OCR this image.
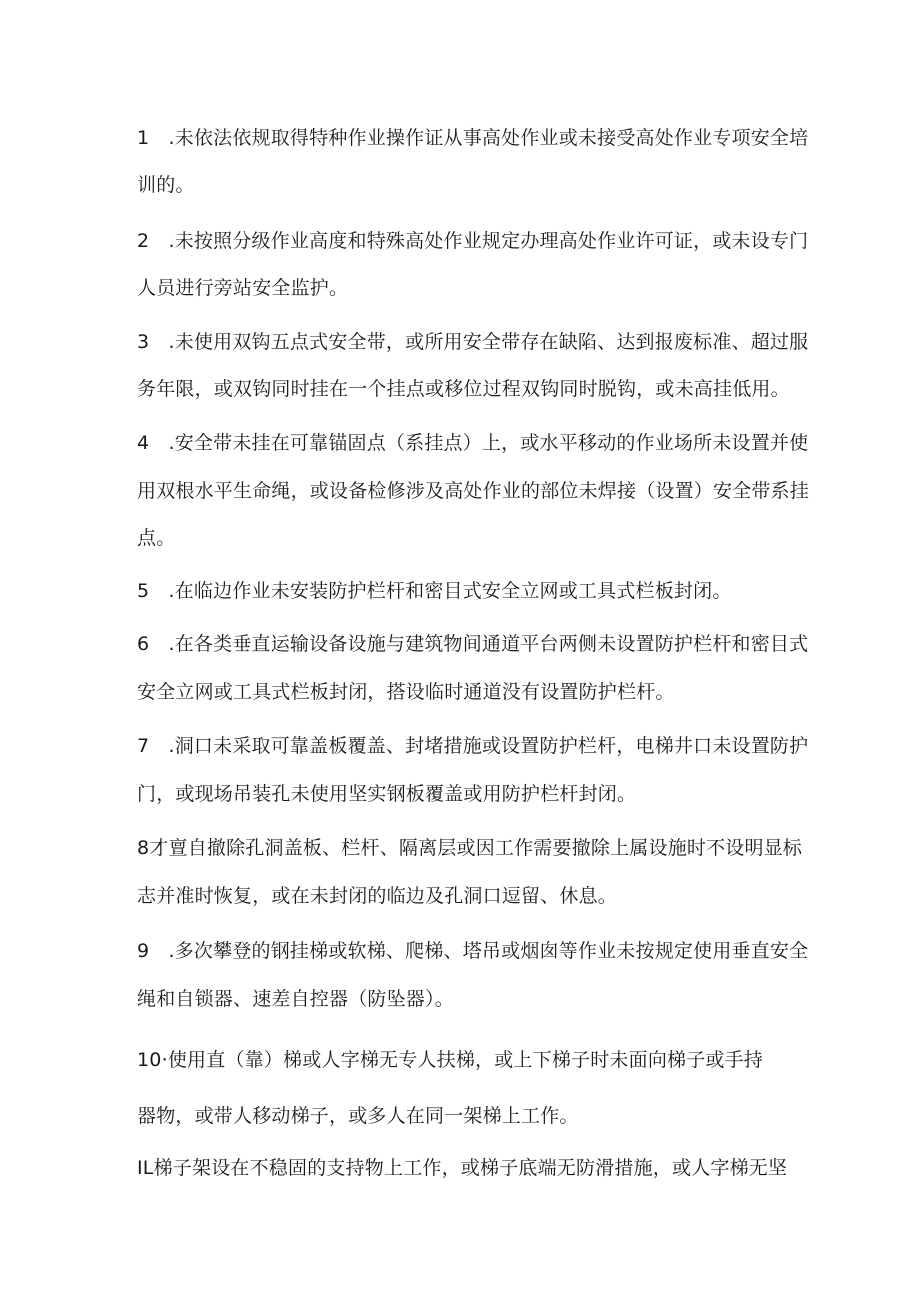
1　.未依法依规取得特种作业操作证从事高处作业或未接受高处作业专项安全培
训的。
2　.未按照分级作业高度和特殊高处作业规定办理高处作业许可证，或未设专门
人员进行旁站安全监护。
3　.未使用双钩五点式安全带，或所用安全带存在缺陷、达到报废标准、超过服
务年限，或双钩同时挂在一个挂点或移位过程双钩同时脱钩，或未高挂低用。
4　.安全带未挂在可靠锚固点（系挂点）上，或水平移动的作业场所未设置并使
用双根水平生命绳，或设备检修涉及高处作业的部位未焊接（设置）安全带系挂
点。
5　.在临边作业未安装防护栏杆和密目式安全立网或工具式栏板封闭。
6　.在各类垂直运输设备设施与建筑物间通道平台两侧未设置防护栏杆和密目式
安全立网或工具式栏板封闭，搭设临时通道没有设置防护栏杆。
7　.洞口未采取可靠盖板覆盖、封堵措施或设置防护栏杆，电梯井口未设置防护
门，或现场吊装孔未使用坚实钢板覆盖或用防护栏杆封闭。
8才亶自撤除孔洞盖板、栏杆、隔离层或因工作需要撤除上属设施时不设明显标
志并准时恢复，或在未封闭的临边及孔洞口逗留、休息。
9　.多次攀登的钢挂梯或软梯、爬梯、塔吊或烟囱等作业未按规定使用垂直安全
绳和自锁器、速差自控器（防坠器）。
10·使用直（靠）梯或人字梯无专人扶梯，或上下梯子时未面向梯子或手持
器物，或带人移动梯子，或多人在同一架梯上工作。
IL梯子架设在不稳固的支持物上工作，或梯子底端无防滑措施，或人字梯无坚
